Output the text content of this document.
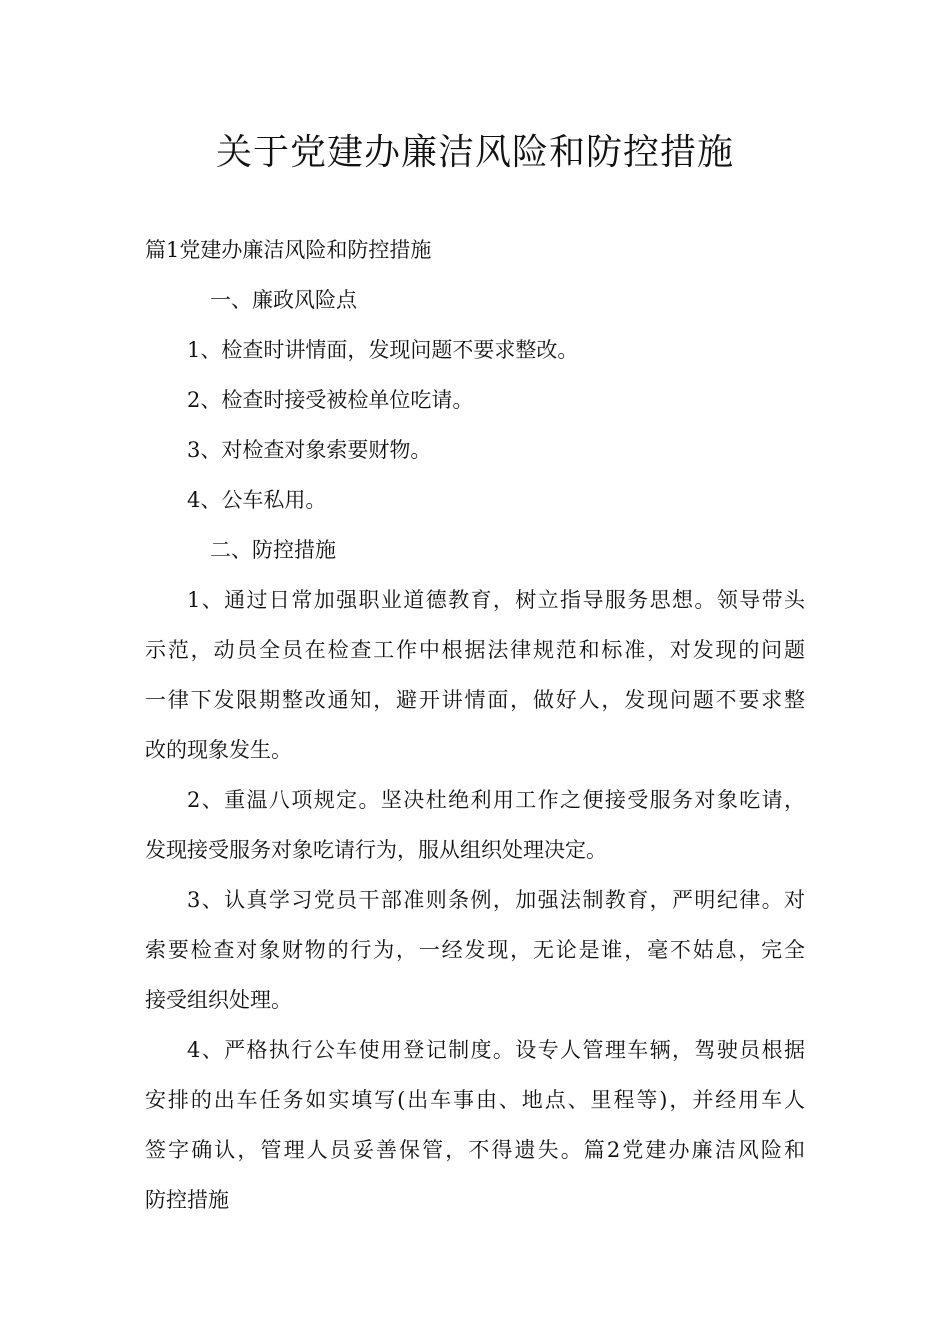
关于党建办廉洁风险和防控措施

篇1党建办廉洁风险和防控措施

一、廉政风险点

1、检查时讲情面，发现问题不要求整改。

2、检查时接受被检单位吃请。

3、对检查对象索要财物。

4、公车私用。

二、防控措施

1、通过日常加强职业道德教育，树立指导服务思想。领导带头

示范，动员全员在检查工作中根据法律规范和标准，对发现的问题

一律下发限期整改通知，避开讲情面，做好人，发现问题不要求整

改的现象发生。

2、重温八项规定。坚决杜绝利用工作之便接受服务对象吃请，

发现接受服务对象吃请行为，服从组织处理决定。

3、认真学习党员干部准则条例，加强法制教育，严明纪律。对

索要检查对象财物的行为，一经发现，无论是谁，毫不姑息，完全

接受组织处理。

4、严格执行公车使用登记制度。设专人管理车辆，驾驶员根据

安排的出车任务如实填写(出车事由、地点、里程等)，并经用车人

签字确认，管理人员妥善保管，不得遗失。篇2党建办廉洁风险和

防控措施
